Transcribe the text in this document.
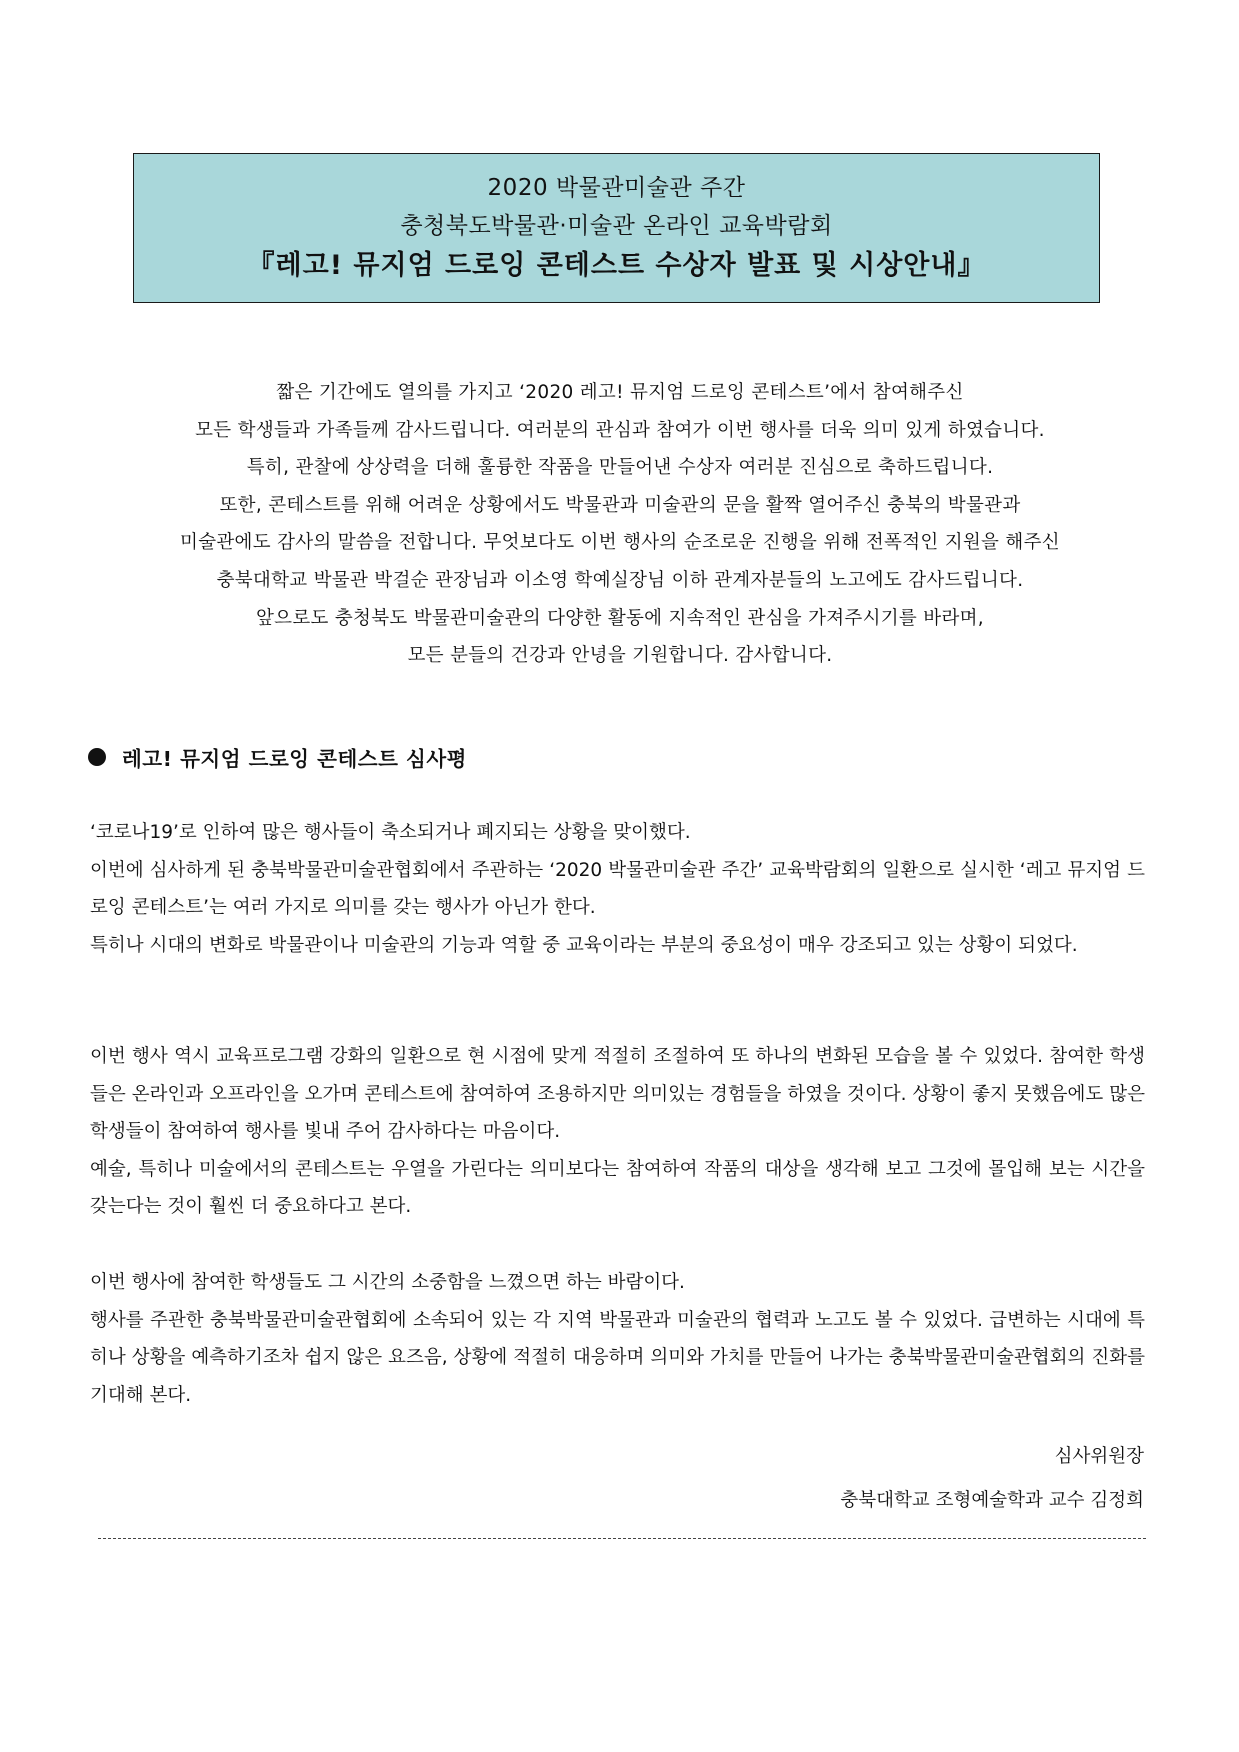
2020 박물관미술관 주간
충청북도박물관·미술관 온라인 교육박람회
『레고! 뮤지엄 드로잉 콘테스트 수상자 발표 및 시상안내』
짧은 기간에도 열의를 가지고 ‘2020 레고! 뮤지엄 드로잉 콘테스트’에서 참여해주신
모든 학생들과 가족들께 감사드립니다. 여러분의 관심과 참여가 이번 행사를 더욱 의미 있게 하였습니다.
특히, 관찰에 상상력을 더해 훌륭한 작품을 만들어낸 수상자 여러분 진심으로 축하드립니다.
또한, 콘테스트를 위해 어려운 상황에서도 박물관과 미술관의 문을 활짝 열어주신 충북의 박물관과
미술관에도 감사의 말씀을 전합니다. 무엇보다도 이번 행사의 순조로운 진행을 위해 전폭적인 지원을 해주신
충북대학교 박물관 박걸순 관장님과 이소영 학예실장님 이하 관계자분들의 노고에도 감사드립니다.
앞으로도 충청북도 박물관미술관의 다양한 활동에 지속적인 관심을 가져주시기를 바라며,
모든 분들의 건강과 안녕을 기원합니다. 감사합니다.
레고! 뮤지엄 드로잉 콘테스트 심사평

‘코로나19’로 인하여 많은 행사들이 축소되거나 폐지되는 상황을 맞이했다.

이번에 심사하게 된 충북박물관미술관협회에서 주관하는 ‘2020 박물관미술관 주간’ 교육박람회의 일환으로 실시한 ‘레고 뮤지엄 드로잉 콘테스트’는 여러 가지로 의미를 갖는 행사가 아닌가 한다.

특히나 시대의 변화로 박물관이나 미술관의 기능과 역할 중 교육이라는 부분의 중요성이 매우 강조되고 있는 상황이 되었다.

이번 행사 역시 교육프로그램 강화의 일환으로 현 시점에 맞게 적절히 조절하여 또 하나의 변화된 모습을 볼 수 있었다. 참여한 학생들은 온라인과 오프라인을 오가며 콘테스트에 참여하여 조용하지만 의미있는 경험들을 하였을 것이다. 상황이 좋지 못했음에도 많은 학생들이 참여하여 행사를 빛내 주어 감사하다는 마음이다.

예술, 특히나 미술에서의 콘테스트는 우열을 가린다는 의미보다는 참여하여 작품의 대상을 생각해 보고 그것에 몰입해 보는 시간을 갖는다는 것이 훨씬 더 중요하다고 본다.

이번 행사에 참여한 학생들도 그 시간의 소중함을 느꼈으면 하는 바람이다.

행사를 주관한 충북박물관미술관협회에 소속되어 있는 각 지역 박물관과 미술관의 협력과 노고도 볼 수 있었다. 급변하는 시대에 특히나 상황을 예측하기조차 쉽지 않은 요즈음, 상황에 적절히 대응하며 의미와 가치를 만들어 나가는 충북박물관미술관협회의 진화를 기대해 본다.

심사위원장
충북대학교 조형예술학과 교수 김정희
